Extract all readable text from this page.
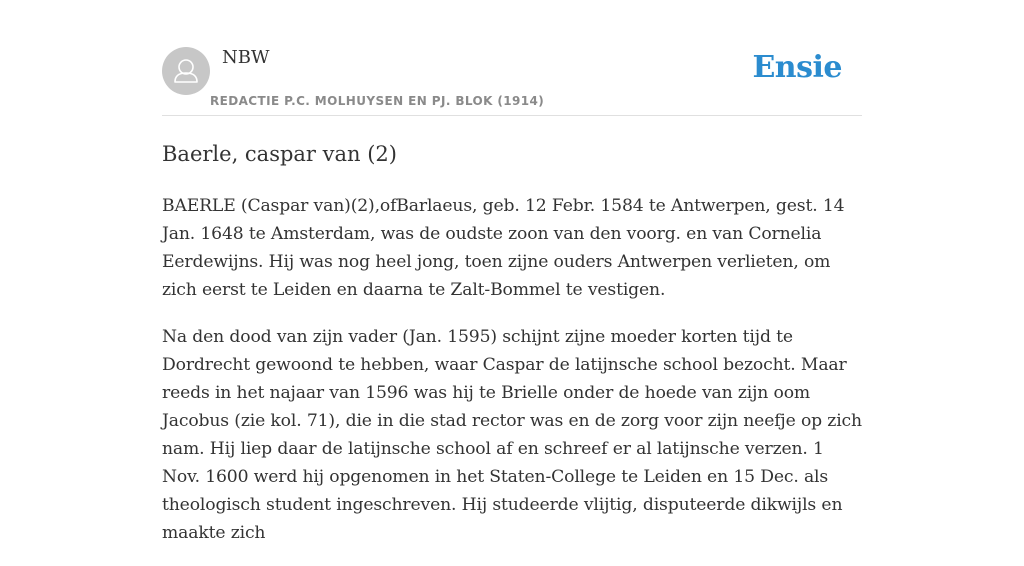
NBW
REDACTIE P.C. MOLHUYSEN EN PJ. BLOK (1914)
Ensie
Baerle, caspar van (2)

BAERLE (Caspar van)(2),ofBarlaeus, geb. 12 Febr. 1584 te Antwerpen, gest. 14 Jan. 1648 te Amsterdam, was de oudste zoon van den voorg. en van Cornelia Eerdewijns. Hij was nog heel jong, toen zijne ouders Antwerpen verlieten, om zich eerst te Leiden en daarna te Zalt-Bommel te vestigen.

Na den dood van zijn vader (Jan. 1595) schijnt zijne moeder korten tijd te Dordrecht gewoond te hebben, waar Caspar de latijnsche school bezocht. Maar reeds in het najaar van 1596 was hij te Brielle onder de hoede van zijn oom Jacobus (zie kol. 71), die in die stad rector was en de zorg voor zijn neefje op zich nam. Hij liep daar de latijnsche school af en schreef er al latijnsche verzen. 1 Nov. 1600 werd hij opgenomen in het Staten-College te Leiden en 15 Dec. als theologisch student ingeschreven. Hij studeerde vlijtig, disputeerde dikwijls en maakte zich
